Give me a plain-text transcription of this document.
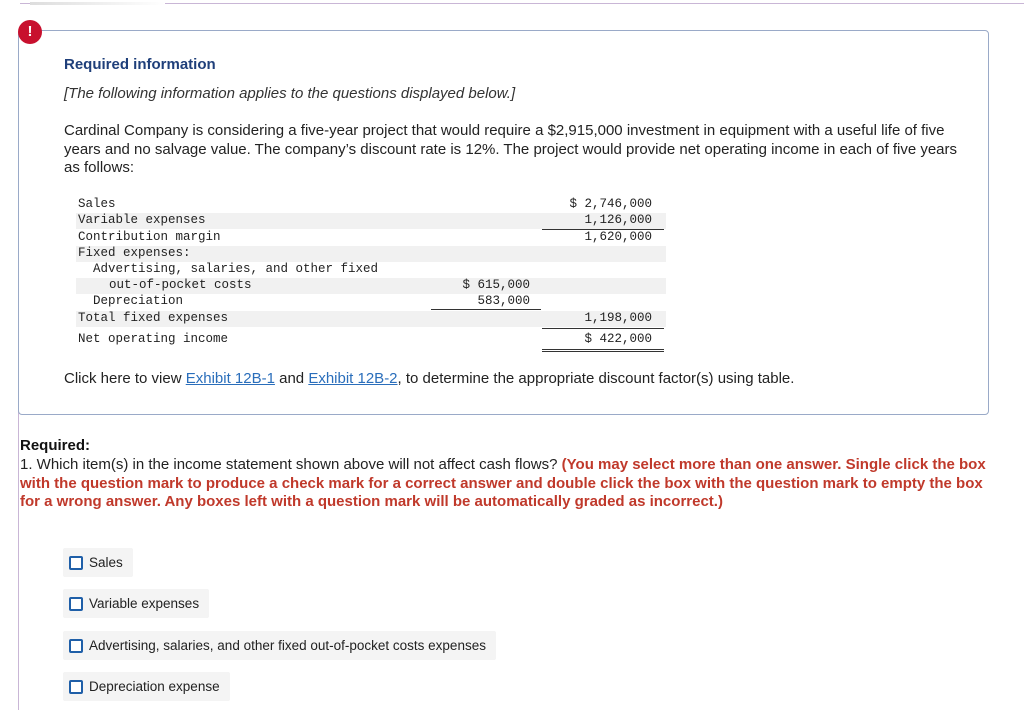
!
Required information
[The following information applies to the questions displayed below.]
Cardinal Company is considering a five-year project that would require a $2,915,000 investment in equipment with a useful life of five years and no salvage value. The company’s discount rate is 12%. The project would provide net operating income in each of five years as follows:
Sales	$ 2,746,000
Variable expenses	1,126,000
Contribution margin	1,620,000
Fixed expenses:
Advertising, salaries, and other fixed
out-of-pocket costs	$ 615,000
Depreciation	583,000
Total fixed expenses	1,198,000
Net operating income	$ 422,000
Click here to view Exhibit 12B-1 and Exhibit 12B-2, to determine the appropriate discount factor(s) using table.
Required:
1. Which item(s) in the income statement shown above will not affect cash flows? (You may select more than one answer. Single click the box with the question mark to produce a check mark for a correct answer and double click the box with the question mark to empty the box for a wrong answer. Any boxes left with a question mark will be automatically graded as incorrect.)
Sales
Variable expenses
Advertising, salaries, and other fixed out-of-pocket costs expenses
Depreciation expense
